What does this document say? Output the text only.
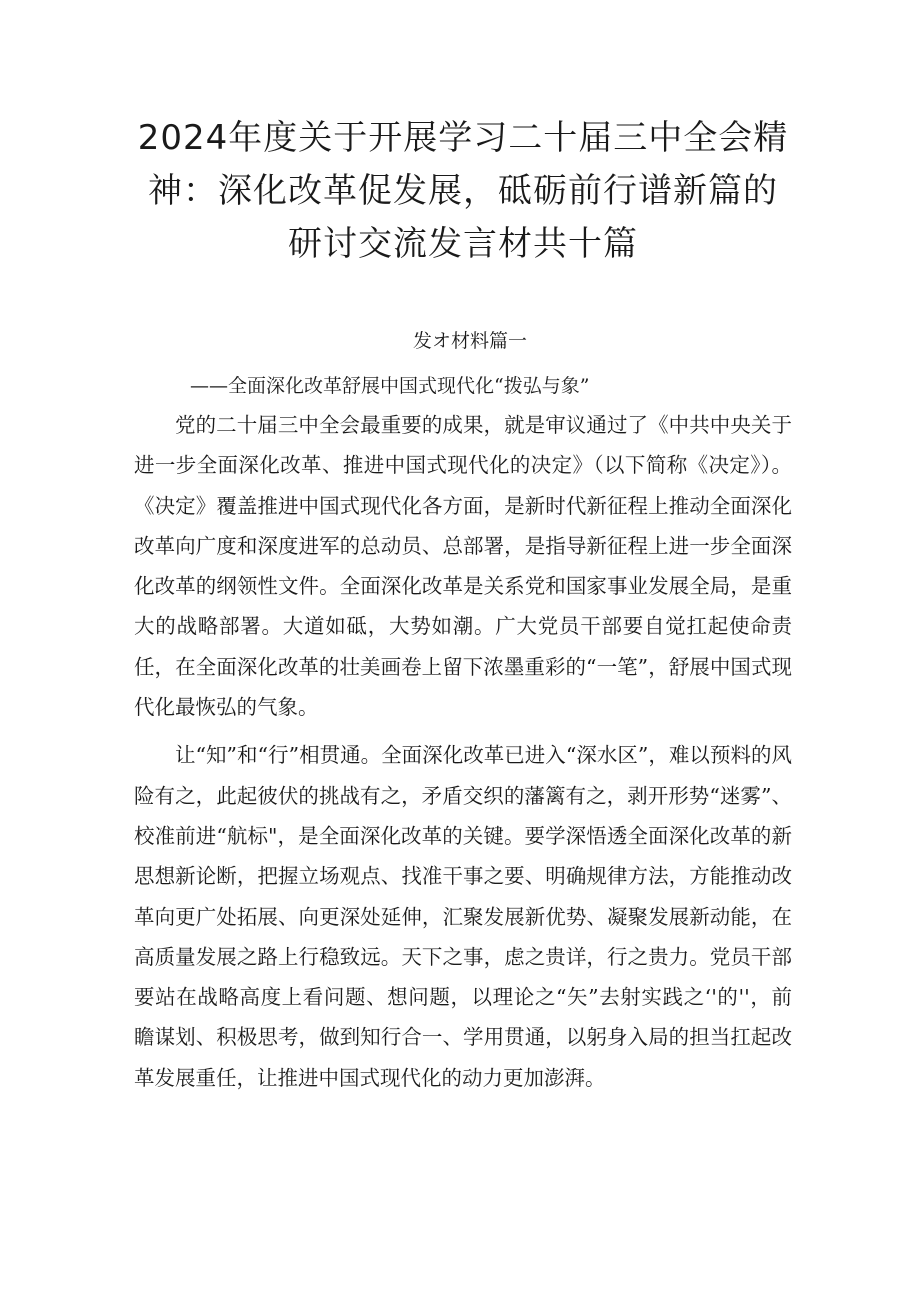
2024年度关于开展学习二十届三中全会精神：深化改革促发展，砥砺前行谱新篇的研讨交流发言材共十篇
发オ材料篇一
——全面深化改革舒展中国式现代化“拨弘与象”

党的二十届三中全会最重要的成果，就是审议通过了《中共中央关于进一步全面深化改革、推进中国式现代化的决定》（以下简称《决定》）。《决定》覆盖推进中国式现代化各方面，是新时代新征程上推动全面深化改革向广度和深度进军的总动员、总部署，是指导新征程上进一步全面深化改革的纲领性文件。全面深化改革是关系党和国家事业发展全局，是重大的战略部署。大道如砥，大势如潮。广大党员干部要自觉扛起使命责任，在全面深化改革的壮美画卷上留下浓墨重彩的“一笔”，舒展中国式现代化最恢弘的气象。

让“知”和“行”相贯通。全面深化改革已进入“深水区”，难以预料的风险有之，此起彼伏的挑战有之，矛盾交织的藩篱有之，剥开形势“迷雾”、校准前进“航标"，是全面深化改革的关键。要学深悟透全面深化改革的新思想新论断，把握立场观点、找准干事之要、明确规律方法，方能推动改革向更广处拓展、向更深处延伸，汇聚发展新优势、凝聚发展新动能，在高质量发展之路上行稳致远。天下之事，虑之贵详，行之贵力。党员干部要站在战略高度上看问题、想问题，以理论之“矢”去射实践之‘'的''，前瞻谋划、积极思考，做到知行合一、学用贯通，以躬身入局的担当扛起改革发展重任，让推进中国式现代化的动力更加澎湃。
